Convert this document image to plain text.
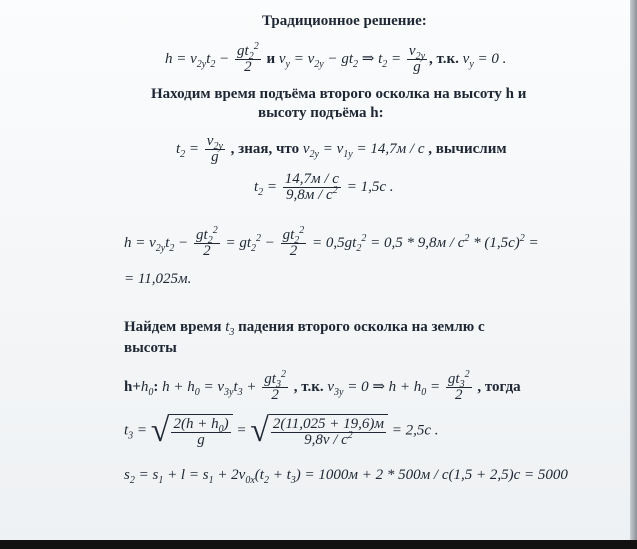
Традиционное решение:
$h = v_{2y}t_2 - \frac{gt_2^2}{2}$ и $v_y = v_{2y} - gt_2$ ⇒ $t_2 = \frac{v_{2y}}{g}$ , т.к. $v_y = 0$ .
Находим время подъёма второго осколка на высоту h и
высоту подъёма h:
$t_2 = \frac{v_{2y}}{g}$ , зная, что $v_{2y} = v_{1y} = 14,7м / с$ , вычислим
$t_2 = \frac{14,7м / с}{9,8м / с^2} = 1,5с$ .
$h = v_{2y}t_2 - \frac{gt_2^2}{2} = gt_2^2 - \frac{gt_2^2}{2} = 0,5gt_2^2 = 0,5 * 9,8м / с^2 * (1,5с)^2$ =
= 11,025м.
Найдем время $t_3$ падения второго осколка на землю с
высоты
$h+h_0$: $h + h_0 = v_{3y}t_3 + \frac{gt_3^2}{2}$ , т.к. $v_{3y} = 0$ ⇒ $h + h_0 = \frac{gt_3^2}{2}$ , тогда
$t_3$ = √ $\frac{2(h + h_0)}{g}$ = √ $\frac{2(11,025 + 19,6)м}{9,8v / c^2} = 2,5с$ .
$s_2 = s_1 + l = s_1 + 2v_{0x}(t_2 + t_3) = 1000м + 2 * 500м / с(1,5 + 2,5)с = 5000$
